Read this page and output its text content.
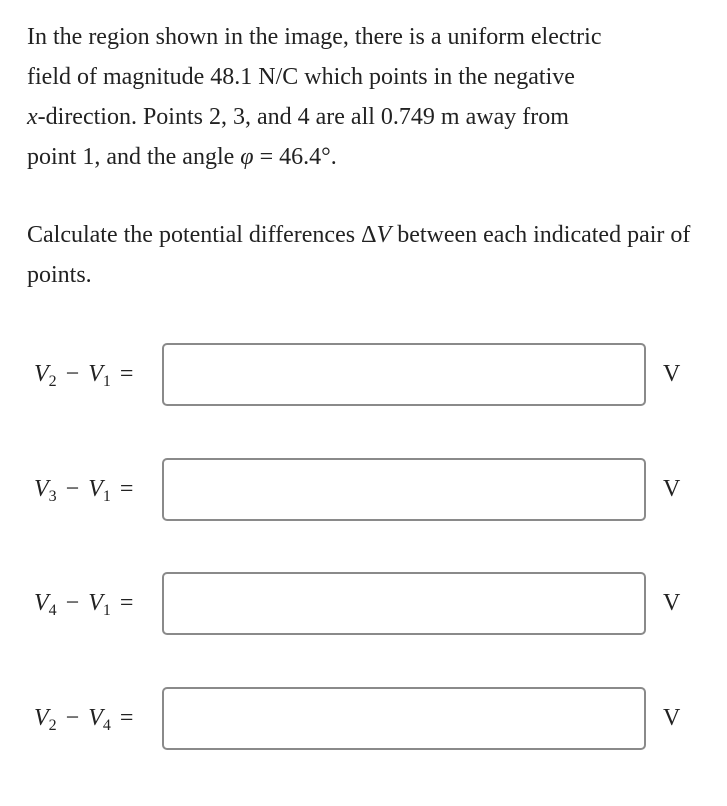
In the region shown in the image, there is a uniform electric
field of magnitude 48.1 N/C which points in the negative
x-direction. Points 2, 3, and 4 are all 0.749 m away from
point 1, and the angle φ = 46.4°.

Calculate the potential differences ΔV between each indicated pair of points.

$V_2 - V_1$ =	V
$V_3 - V_1$ =	V
$V_4 - V_1$ =	V
$V_2 - V_4$ =	V
